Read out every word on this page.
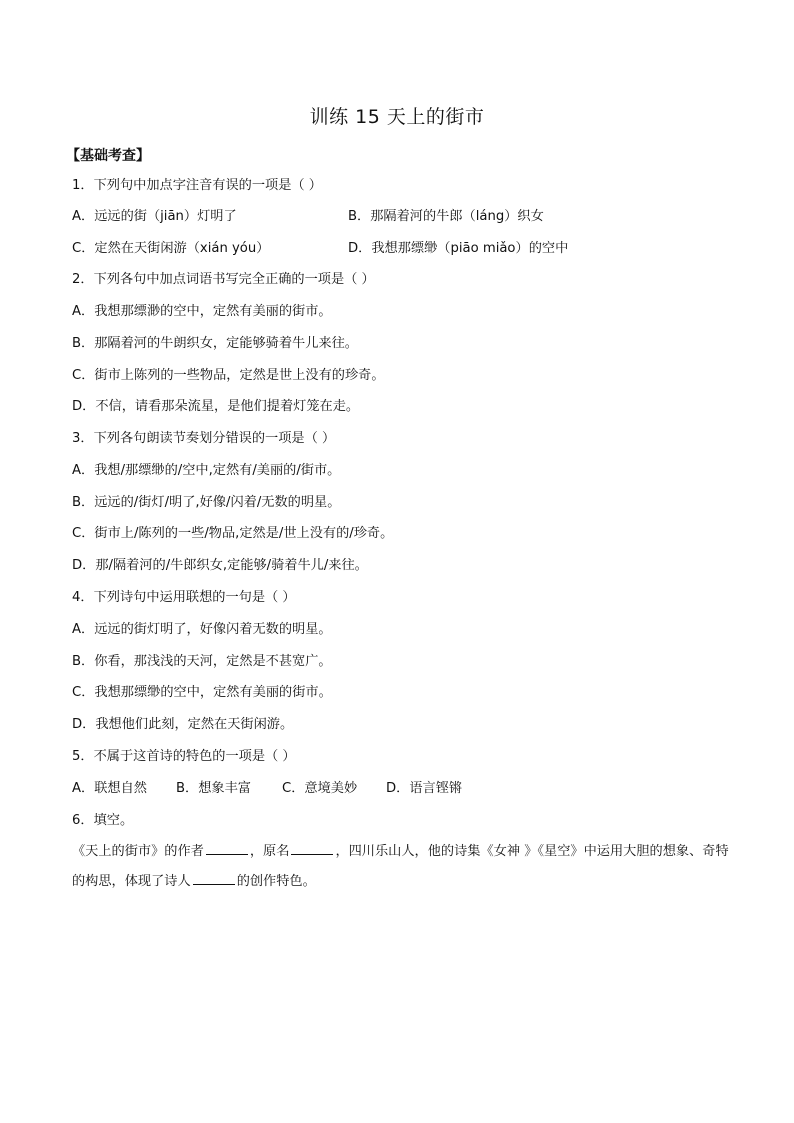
训练 15 天上的街市
【基础考查】
1．下列句中加点字注音有误的一项是（ ）
A．远远的街（jiān）灯明了	B．那隔着河的牛郎（láng）织女
C．定然在天街闲游（xián yóu）	D．我想那缥缈（piāo miǎo）的空中
2．下列各句中加点词语书写完全正确的一项是（ ）
A．我想那缥渺的空中，定然有美丽的街市。
B．那隔着河的牛朗织女，定能够骑着牛儿来往。
C．街市上陈列的一些物品，定然是世上没有的珍奇。
D．不信，请看那朵流星，是他们提着灯笼在走。
3．下列各句朗读节奏划分错误的一项是（ ）
A．我想/那缥缈的/空中,定然有/美丽的/街市。
B．远远的/街灯/明了,好像/闪着/无数的明星。
C．街市上/陈列的一些/物品,定然是/世上没有的/珍奇。
D．那/隔着河的/牛郎织女,定能够/骑着牛儿/来往。
4．下列诗句中运用联想的一句是（ ）
A．远远的街灯明了，好像闪着无数的明星。
B．你看，那浅浅的天河，定然是不甚宽广。
C．我想那缥缈的空中，定然有美丽的街市。
D．我想他们此刻，定然在天街闲游。
5．不属于这首诗的特色的一项是（ ）
A．联想自然 B．想象丰富 C．意境美妙 D．语言铿锵
6．填空。
《天上的街市》的作者	，原名	，四川乐山人，他的诗集《女神 》《星空》中运用大胆的想象、奇特的构思，体现了诗人	的创作特色。
